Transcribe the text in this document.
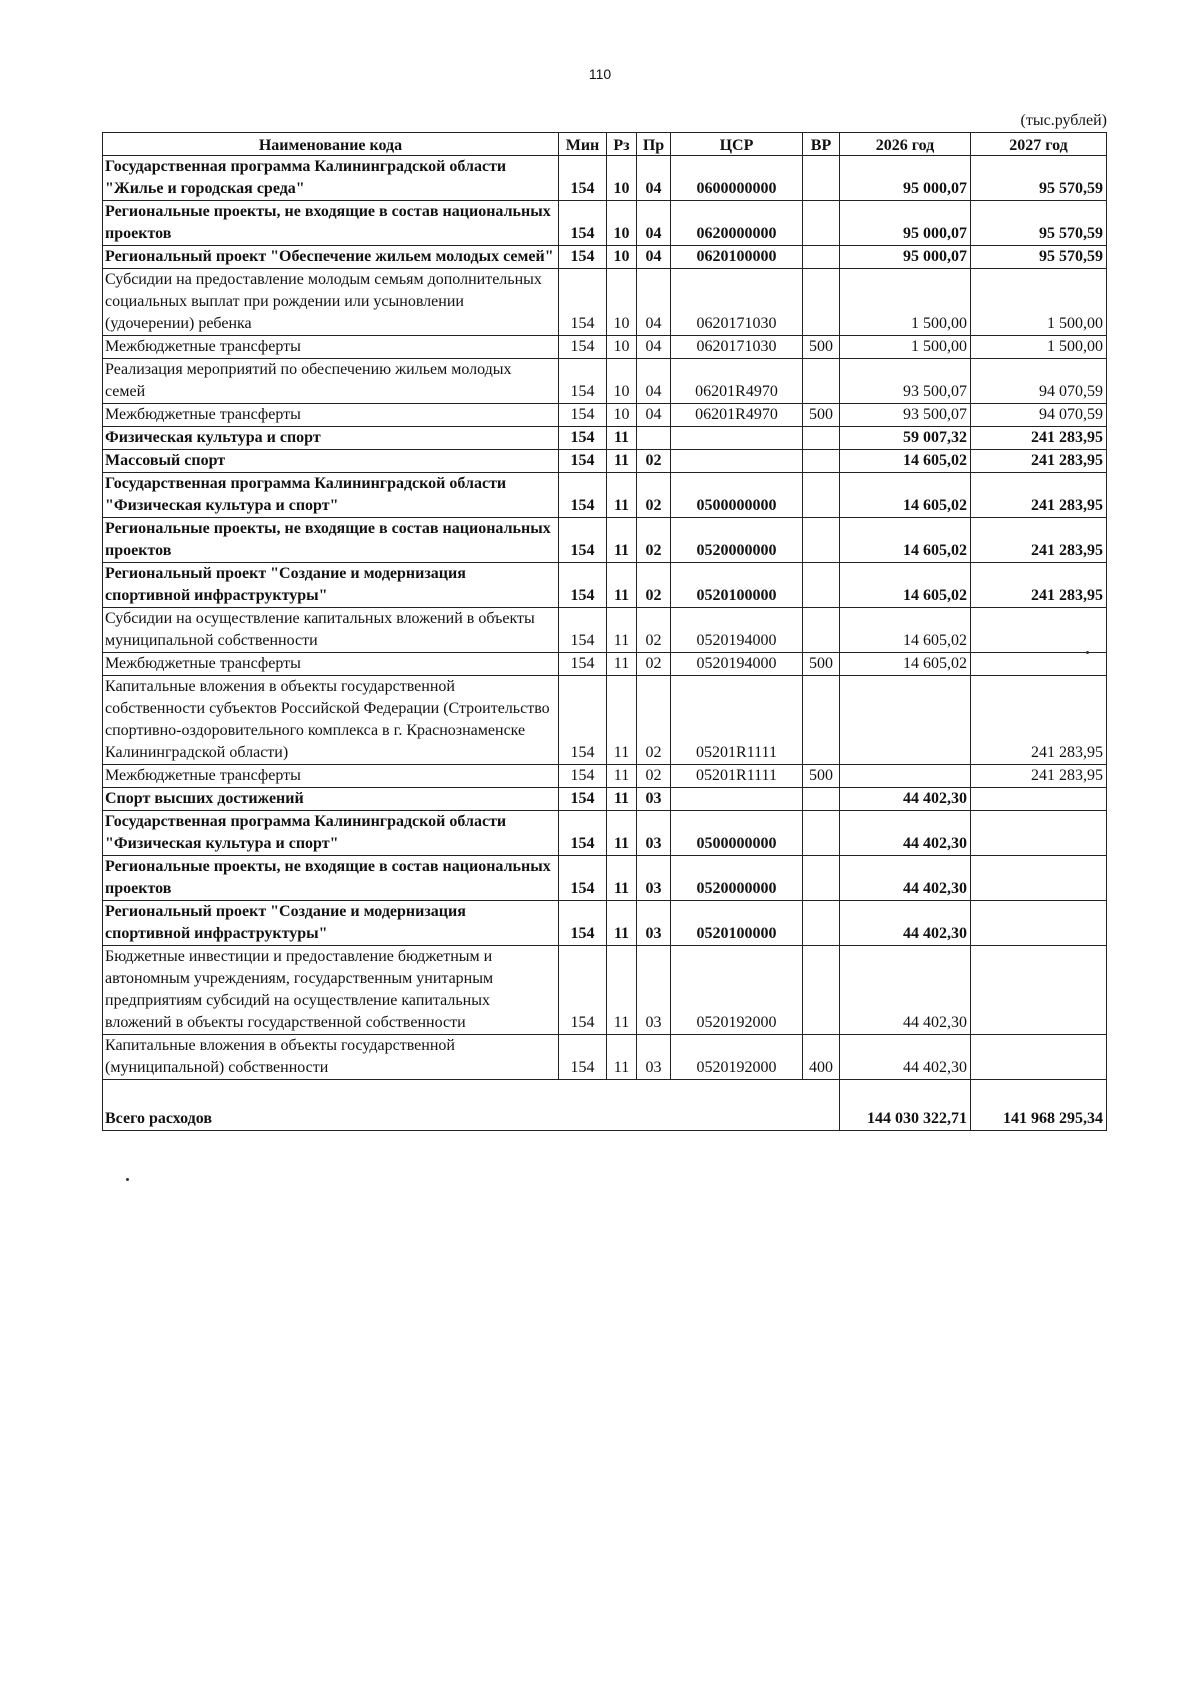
110
(тыс.рублей)
Наименование кода	Мин	Рз	Пр	ЦСР	ВР	2026 год	2027 год
Государственная программа Калининградской области "Жилье и городская среда"	154	10	04	0600000000		95 000,07	95 570,59
Региональные проекты, не входящие в состав национальных проектов	154	10	04	0620000000		95 000,07	95 570,59
Региональный проект "Обеспечение жильем молодых семей"	154	10	04	0620100000		95 000,07	95 570,59
Субсидии на предоставление молодым семьям дополнительных социальных выплат при рождении или усыновлении (удочерении) ребенка	154	10	04	0620171030		1 500,00	1 500,00
Межбюджетные трансферты	154	10	04	0620171030	500	1 500,00	1 500,00
Реализация мероприятий по обеспечению жильем молодых семей	154	10	04	06201R4970		93 500,07	94 070,59
Межбюджетные трансферты	154	10	04	06201R4970	500	93 500,07	94 070,59
Физическая культура и спорт	154	11				59 007,32	241 283,95
Массовый спорт	154	11	02			14 605,02	241 283,95
Государственная программа Калининградской области "Физическая культура и спорт"	154	11	02	0500000000		14 605,02	241 283,95
Региональные проекты, не входящие в состав национальных проектов	154	11	02	0520000000		14 605,02	241 283,95
Региональный проект "Создание и модернизация спортивной инфраструктуры"	154	11	02	0520100000		14 605,02	241 283,95
Субсидии на осуществление капитальных вложений в объекты муниципальной собственности	154	11	02	0520194000		14 605,02	
Межбюджетные трансферты	154	11	02	0520194000	500	14 605,02	
Капитальные вложения в объекты государственной собственности субъектов Российской Федерации (Строительство спортивно-оздоровительного комплекса в г. Краснознаменске Калининградской области)	154	11	02	05201R1111			241 283,95
Межбюджетные трансферты	154	11	02	05201R1111	500		241 283,95
Спорт высших достижений	154	11	03			44 402,30	
Государственная программа Калининградской области "Физическая культура и спорт"	154	11	03	0500000000		44 402,30	
Региональные проекты, не входящие в состав национальных проектов	154	11	03	0520000000		44 402,30	
Региональный проект "Создание и модернизация спортивной инфраструктуры"	154	11	03	0520100000		44 402,30	
Бюджетные инвестиции и предоставление бюджетным и автономным учреждениям, государственным унитарным предприятиям субсидий на осуществление капитальных вложений в объекты государственной собственности	154	11	03	0520192000		44 402,30	
Капитальные вложения в объекты государственной (муниципальной) собственности	154	11	03	0520192000	400	44 402,30	
Всего расходов						144 030 322,71	141 968 295,34
